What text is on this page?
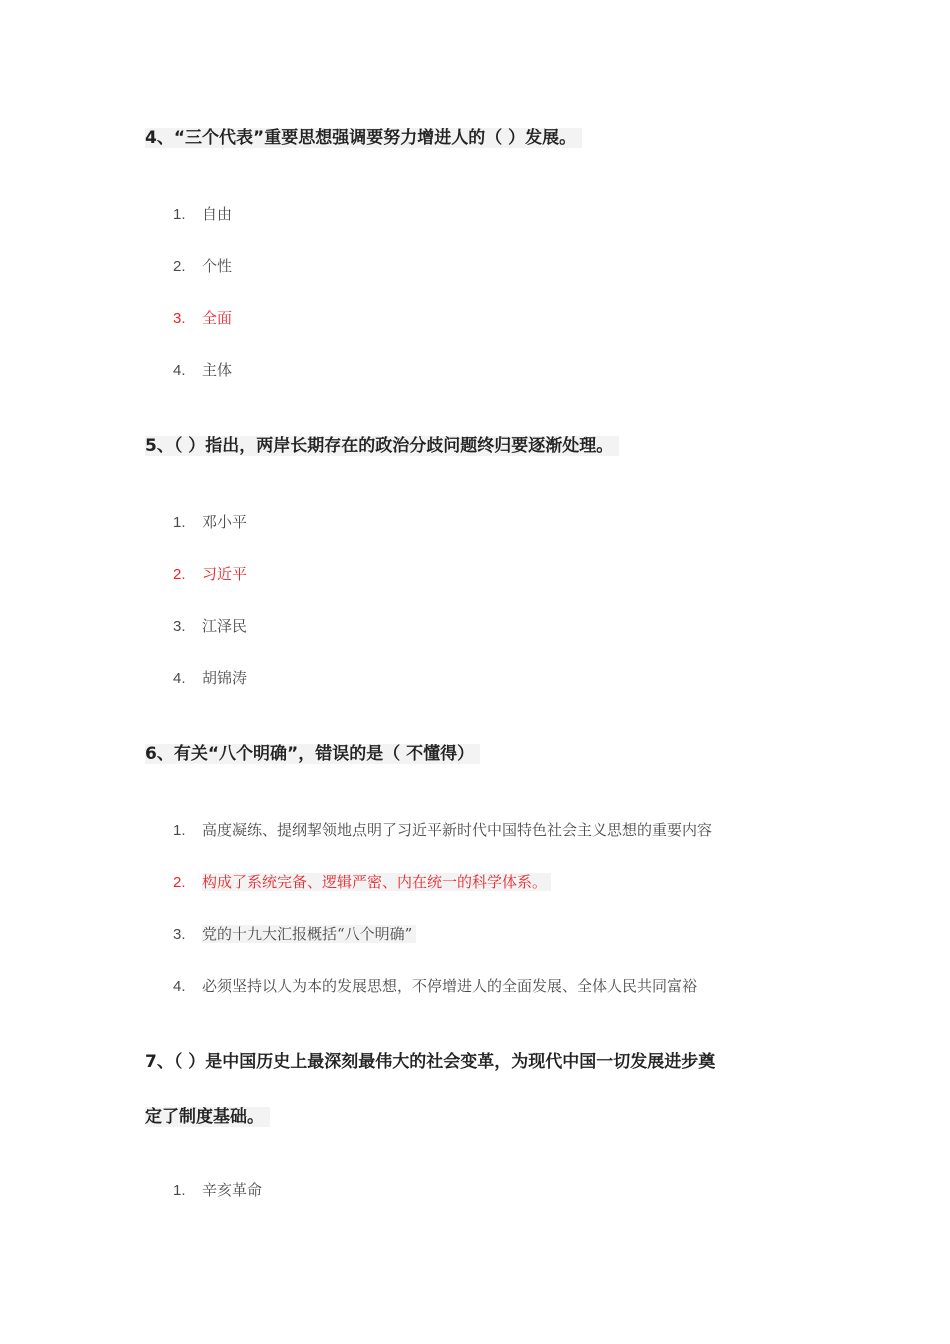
4、“三个代表”重要思想强调要努力增进人的（ ）发展。
1. 自由
2. 个性
3. 全面
4. 主体
5、（ ）指出，两岸长期存在的政治分歧问题终归要逐渐处理。
1. 邓小平
2. 习近平
3. 江泽民
4. 胡锦涛
6、有关“八个明确”，错误的是（ 不懂得）
1. 高度凝练、提纲挈领地点明了习近平新时代中国特色社会主义思想的重要内容
2. 构成了系统完备、逻辑严密、内在统一的科学体系。
3. 党的十九大汇报概括“八个明确”
4. 必须坚持以人为本的发展思想，不停增进人的全面发展、全体人民共同富裕
7、（ ）是中国历史上最深刻最伟大的社会变革，为现代中国一切发展进步奠
定了制度基础。
1. 辛亥革命
